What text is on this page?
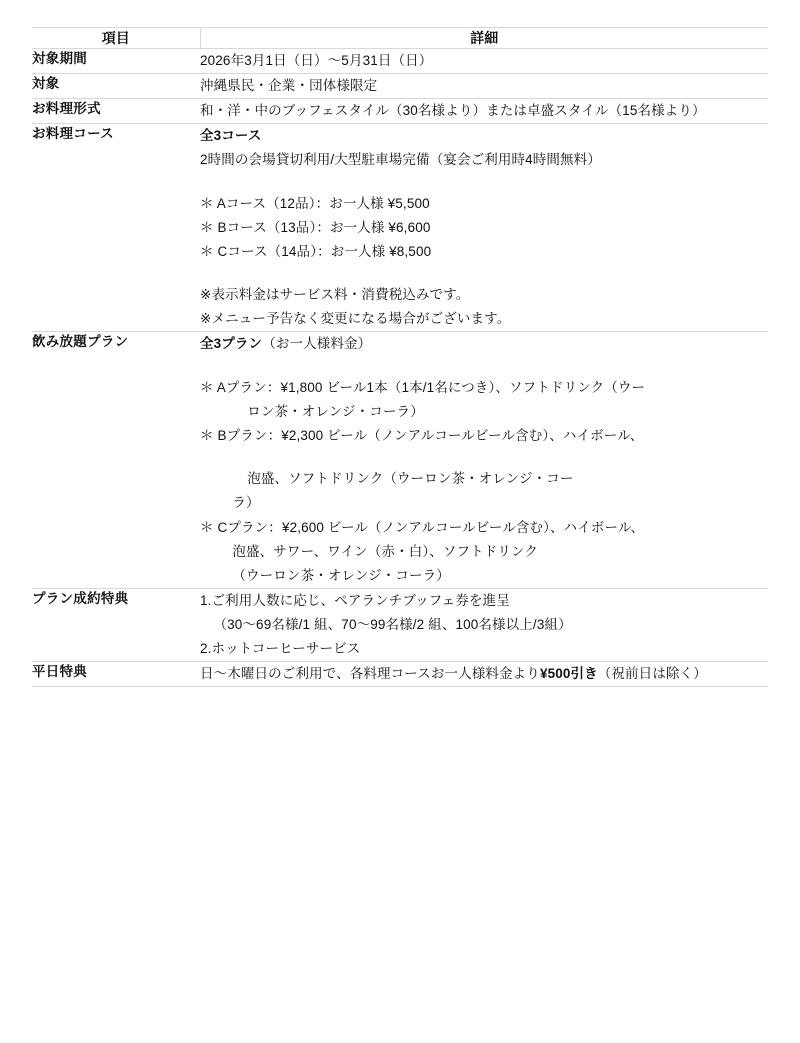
項目	詳細
対象期間	2026年3月1日（日）〜5月31日（日）

対象	沖縄県民・企業・団体様限定

お料理形式	和・洋・中のブッフェスタイル（30名様より）または卓盛スタイル（15名様より）

お料理コース	全3コース

2時間の会場貸切利用/大型駐車場完備（宴会ご利用時4時間無料）

＊ Aコース（12品）：お一人様 ¥5,500

＊ Bコース（13品）：お一人様 ¥6,600

＊ Cコース（14品）：お一人様 ¥8,500

※表示料金はサービス料・消費税込みです。

※メニュー予告なく変更になる場合がございます。

飲み放題プラン	全3プラン（お一人様料金）

＊ Aプラン：¥1,800 ビール1本（1本/1名につき）、ソフトドリンク（ウー

ロン茶・オレンジ・コーラ）

＊ Bプラン：¥2,300 ビール（ノンアルコールビール含む）、ハイボール、

泡盛、ソフトドリンク（ウーロン茶・オレンジ・コー

ラ）

＊ Cプラン：¥2,600 ビール（ノンアルコールビール含む）、ハイボール、

泡盛、サワー、ワイン（赤・白）、ソフトドリンク

（ウーロン茶・オレンジ・コーラ）

プラン成約特典	1.ご利用人数に応じ、ペアランチブッフェ券を進呈

（30〜69名様/1 組、70〜99名様/2 組、100名様以上/3組）

2.ホットコーヒーサービス

平日特典	日〜木曜日のご利用で、各料理コースお一人様料金より¥500引き（祝前日は除く）
